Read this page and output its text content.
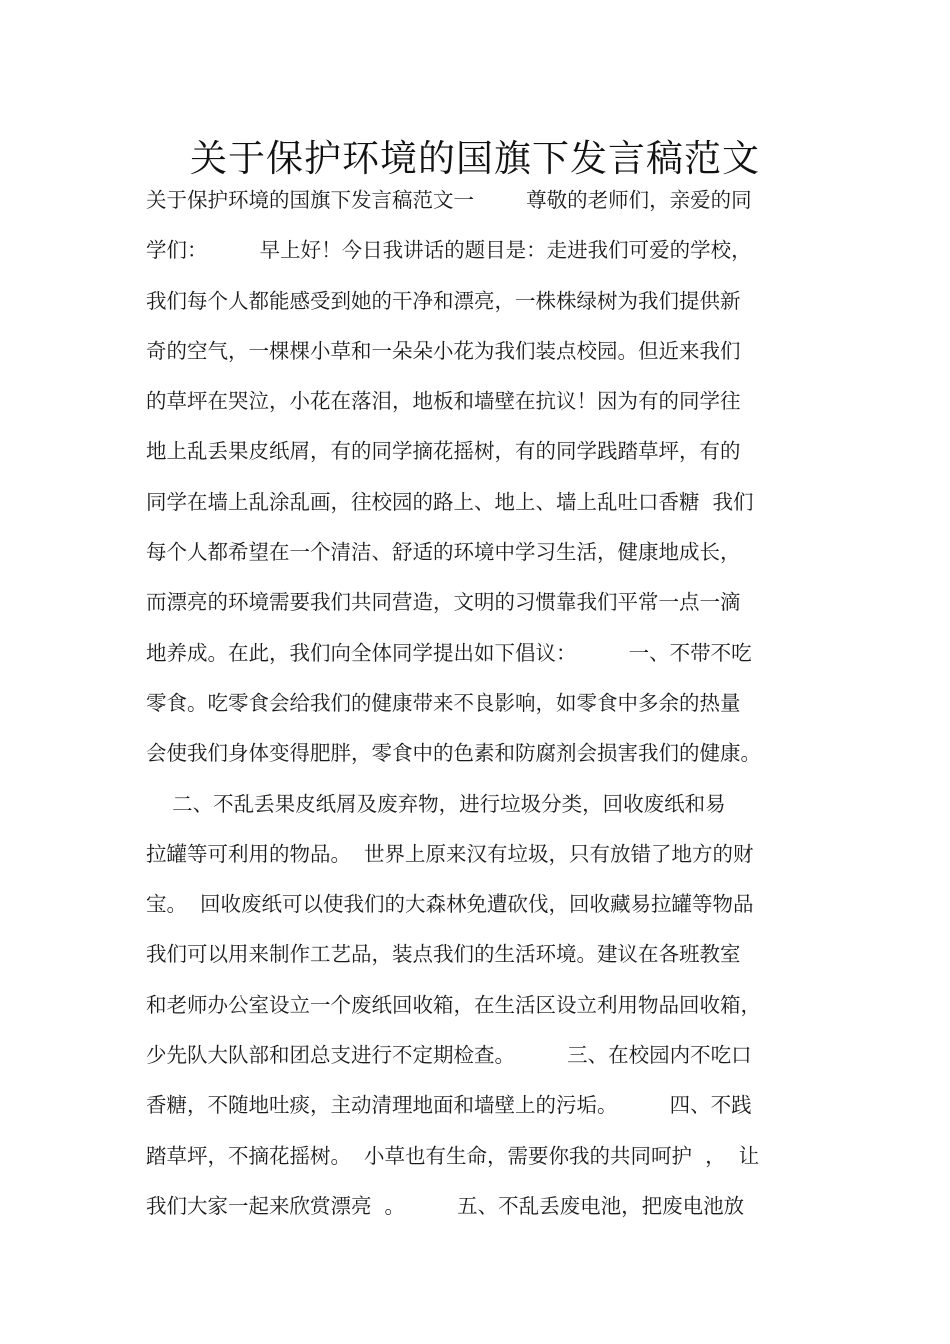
关于保护环境的国旗下发言稿范文
关于保护环境的国旗下发言稿范文一        尊敬的老师们，亲爱的同
学们：        早上好！今日我讲话的题目是：走进我们可爱的学校，
我们每个人都能感受到她的干净和漂亮，一株株绿树为我们提供新
奇的空气，一棵棵小草和一朵朵小花为我们装点校园。但近来我们
的草坪在哭泣，小花在落泪，地板和墙壁在抗议！因为有的同学往
地上乱丢果皮纸屑，有的同学摘花摇树，有的同学践踏草坪，有的
同学在墙上乱涂乱画，往校园的路上、地上、墙上乱吐口香糖  我们
每个人都希望在一个清洁、舒适的环境中学习生活，健康地成长，
而漂亮的环境需要我们共同营造，文明的习惯靠我们平常一点一滴
地养成。在此，我们向全体同学提出如下倡议：        一、不带不吃
零食。吃零食会给我们的健康带来不良影响，如零食中多余的热量
会使我们身体变得肥胖，零食中的色素和防腐剂会损害我们的健康。
二、不乱丢果皮纸屑及废弃物，进行垃圾分类，回收废纸和易
拉罐等可利用的物品。  世界上原来汉有垃圾，只有放错了地方的财
宝。  回收废纸可以使我们的大森林免遭砍伐，回收藏易拉罐等物品
我们可以用来制作工艺品，装点我们的生活环境。建议在各班教室
和老师办公室设立一个废纸回收箱，在生活区设立利用物品回收箱，
少先队大队部和团总支进行不定期检查。        三、在校园内不吃口
香糖，不随地吐痰，主动清理地面和墙壁上的污垢。        四、不践
踏草坪，不摘花摇树。  小草也有生命，需要你我的共同呵护  ，  让
我们大家一起来欣赏漂亮  。        五、不乱丢废电池，把废电池放
